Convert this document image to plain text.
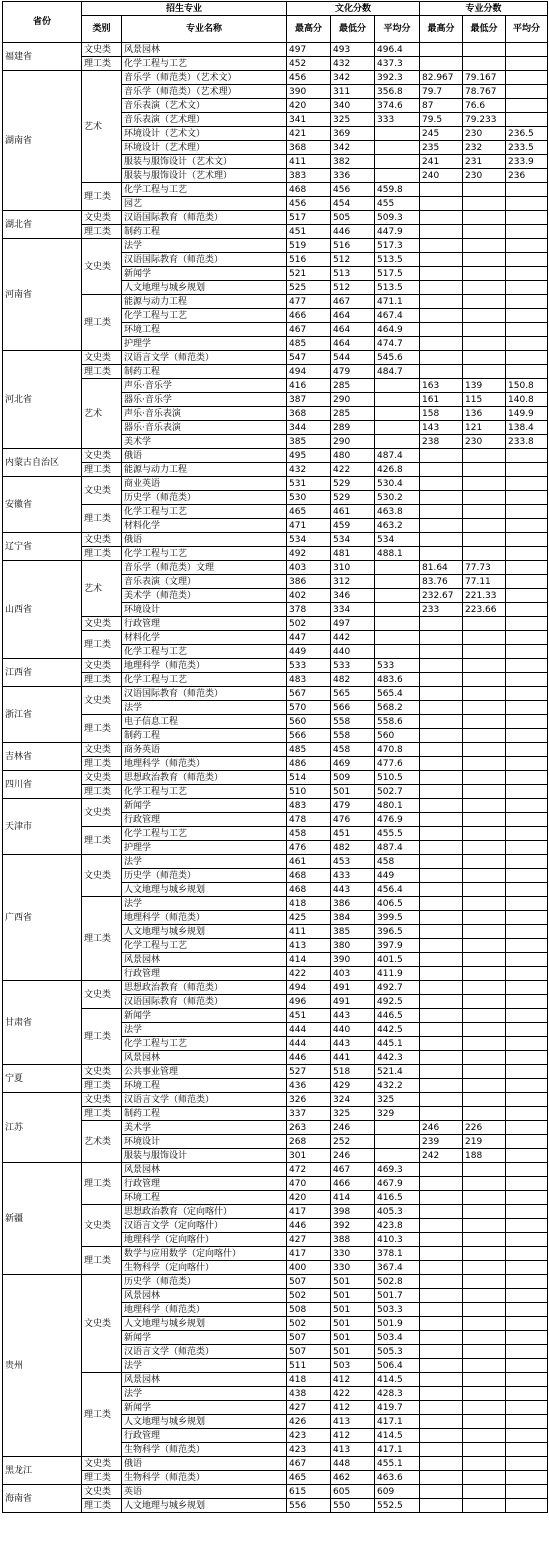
省份	招生专业		文化分数			专业分数		
	类别	专业名称	最高分	最低分	平均分	最高分	最低分	平均分
福建省	文史类	风景园林	497	493	496.4			
	理工类	化学工程与工艺	452	432	437.3			
湖南省	艺术	音乐学（师范类）（艺术文）	456	342	392.3	82.967	79.167	
		音乐学（师范类）（艺术理）	390	311	356.8	79.7	78.767	
		音乐表演（艺术文）	420	340	374.6	87	76.6	
		音乐表演（艺术理）	341	325	333	79.5	79.233	
		环境设计（艺术文）	421	369		245	230	236.5
		环境设计（艺术理）	368	342		235	232	233.5
		服装与服饰设计（艺术文）	411	382		241	231	233.9
		服装与服饰设计（艺术理）	383	336		240	230	236
	理工类	化学工程与工艺	468	456	459.8			
		园艺	456	454	455			
湖北省	文史类	汉语国际教育（师范类）	517	505	509.3			
	理工类	制药工程	451	446	447.9			
河南省	文史类	法学	519	516	517.3			
		汉语国际教育（师范类）	516	512	513.5			
		新闻学	521	513	517.5			
		人文地理与城乡规划	525	512	513.5			
	理工类	能源与动力工程	477	467	471.1			
		化学工程与工艺	466	464	467.4			
		环境工程	467	464	464.9			
		护理学	485	464	474.7			
河北省	文史类	汉语言文学（师范类）	547	544	545.6			
	理工类	制药工程	494	479	484.7			
	艺术	声乐·音乐学	416	285		163	139	150.8
		器乐·音乐学	387	290		161	115	140.8
		声乐·音乐表演	368	285		158	136	149.9
		器乐·音乐表演	344	289		143	121	138.4
		美术学	385	290		238	230	233.8
内蒙古自治区	文史类	俄语	495	480	487.4			
	理工类	能源与动力工程	432	422	426.8			
安徽省	文史类	商业英语	531	529	530.4			
		历史学（师范类）	530	529	530.2			
	理工类	化学工程与工艺	465	461	463.8			
		材料化学	471	459	463.2			
辽宁省	文史类	俄语	534	534	534			
	理工类	化学工程与工艺	492	481	488.1			
山西省	艺术	音乐学（师范类）文理	403	310		81.64	77.73	
		音乐表演（文理）	386	312		83.76	77.11	
		美术学（师范类）	402	346		232.67	221.33	
		环境设计	378	334		233	223.66	
	文史类	行政管理	502	497				
	理工类	材料化学	447	442				
		化学工程与工艺	449	440				
江西省	文史类	地理科学（师范类）	533	533	533			
	理工类	化学工程与工艺	483	482	483.6			
浙江省	文史类	汉语国际教育（师范类）	567	565	565.4			
		法学	570	566	568.2			
	理工类	电子信息工程	560	558	558.6			
		制药工程	566	558	560			
吉林省	文史类	商务英语	485	458	470.8			
	理工类	地理科学（师范类）	486	469	477.6			
四川省	文史类	思想政治教育（师范类）	514	509	510.5			
	理工类	化学工程与工艺	510	501	502.7			
天津市	文史类	新闻学	483	479	480.1			
		行政管理	478	476	476.9			
	理工类	化学工程与工艺	458	451	455.5			
		护理学	476	482	487.4			
广西省	文史类	法学	461	453	458			
		历史学（师范类）	468	433	449			
		人文地理与城乡规划	468	443	456.4			
	理工类	法学	418	386	406.5			
		地理科学（师范类）	425	384	399.5			
		人文地理与城乡规划	411	385	396.5			
		化学工程与工艺	413	380	397.9			
		风景园林	414	390	401.5			
		行政管理	422	403	411.9			
甘肃省	文史类	思想政治教育（师范类）	494	491	492.7			
		汉语国际教育（师范类）	496	491	492.5			
	理工类	新闻学	451	443	446.5			
		法学	444	440	442.5			
		化学工程与工艺	444	443	445.1			
		风景园林	446	441	442.3			
宁夏	文史类	公共事业管理	527	518	521.4			
	理工类	环境工程	436	429	432.2			
江苏	文史类	汉语言文学（师范类）	326	324	325			
	理工类	制药工程	337	325	329			
	艺术类	美术学	263	246		246	226	
		环境设计	268	252		239	219	
		服装与服饰设计	301	246		242	188	
新疆	理工类	风景园林	472	467	469.3			
		行政管理	470	466	467.9			
		环境工程	420	414	416.5			
	文史类	思想政治教育（定向喀什）	417	398	405.3			
		汉语言文学（定向喀什）	446	392	423.8			
		地理科学（定向喀什）	427	388	410.3			
	理工类	数学与应用数学（定向喀什）	417	330	378.1			
		生物科学（定向喀什）	400	330	367.4			
贵州	文史类	历史学（师范类）	507	501	502.8			
		风景园林	502	501	501.7			
		地理科学（师范类）	508	501	503.3			
		人文地理与城乡规划	502	501	501.9			
		新闻学	507	501	503.4			
		汉语言文学（师范类）	507	501	505.3			
		法学	511	503	506.4			
	理工类	风景园林	418	412	414.5			
		法学	438	422	428.3			
		新闻学	427	412	419.7			
		人文地理与城乡规划	426	413	417.1			
		行政管理	423	412	414.5			
		生物科学（师范类）	423	413	417.1			
黑龙江	文史类	俄语	467	448	455.1			
	理工类	生物科学（师范类）	465	462	463.6			
海南省	文史类	英语	615	605	609			
	理工类	人文地理与城乡规划	556	550	552.5			
